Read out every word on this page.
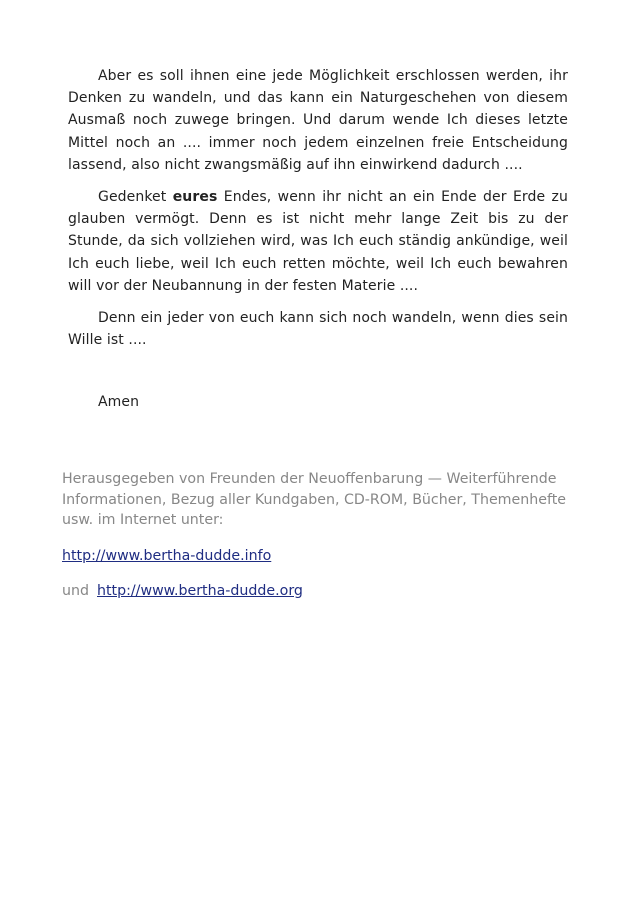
Aber es soll ihnen eine jede Möglichkeit erschlossen werden, ihr Denken zu wandeln, und das kann ein Naturgeschehen von diesem Ausmaß noch zuwege bringen. Und darum wende Ich dieses letzte Mittel noch an .... immer noch jedem einzelnen freie Entscheidung lassend, also nicht zwangsmäßig auf ihn einwirkend dadurch ....

Gedenket eures Endes, wenn ihr nicht an ein Ende der Erde zu glauben vermögt. Denn es ist nicht mehr lange Zeit bis zu der Stunde, da sich vollziehen wird, was Ich euch ständig ankündige, weil Ich euch liebe, weil Ich euch retten möchte, weil Ich euch bewahren will vor der Neubannung in der festen Materie ....

Denn ein jeder von euch kann sich noch wandeln, wenn dies sein Wille ist ....

Amen

Herausgegeben von Freunden der Neuoffenbarung — Weiterführende Informationen, Bezug aller Kundgaben, CD-ROM, Bücher, Themenhefte usw. im Internet unter:

http://www.bertha-dudde.info

und http://www.bertha-dudde.org
